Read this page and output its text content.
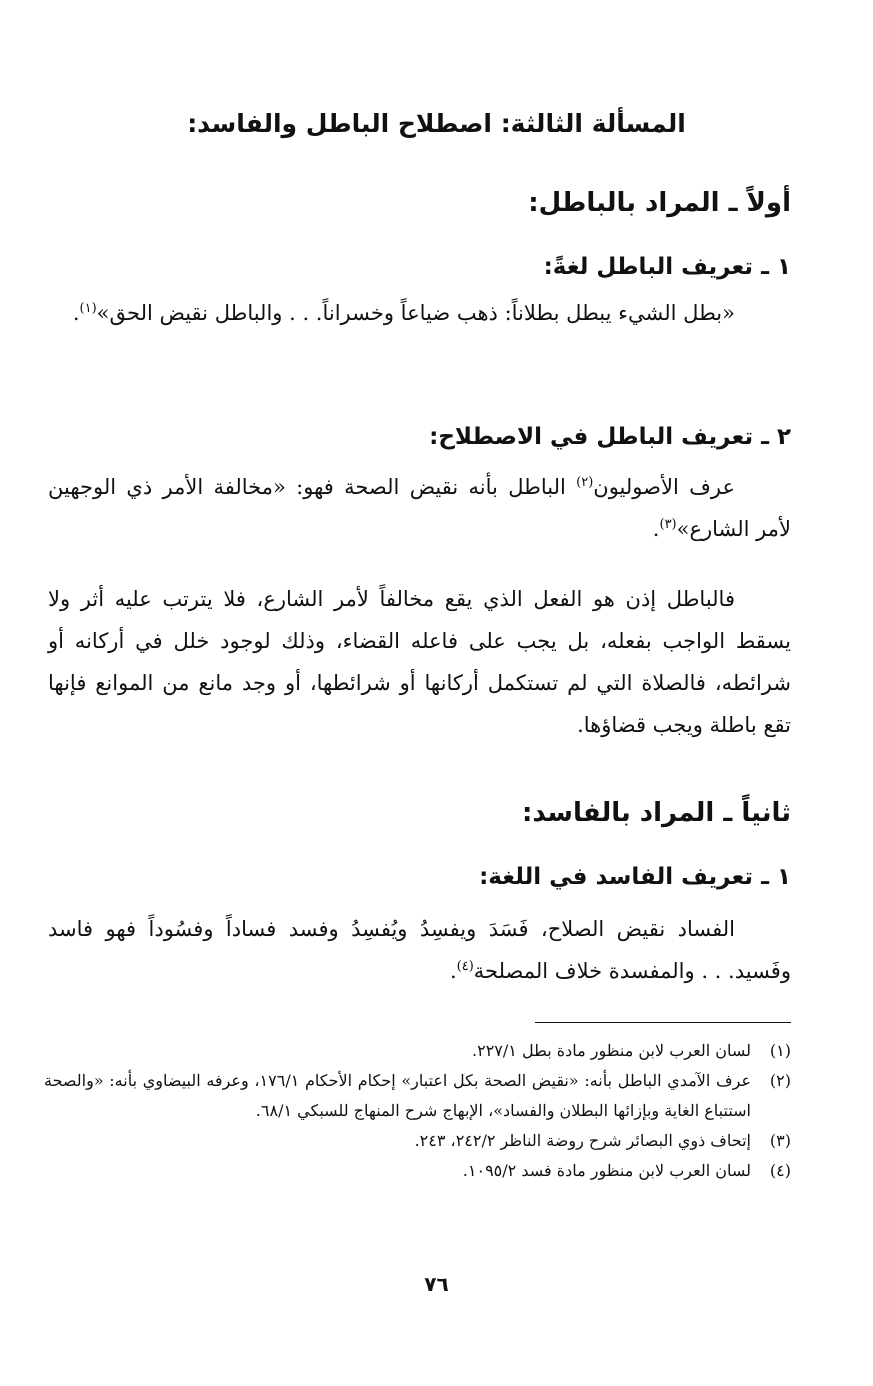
المسألة الثالثة: اصطلاح الباطل والفاسد:
أولاً ـ المراد بالباطل:
١ ـ تعريف الباطل لغةً:

«بطل الشيء يبطل بطلاناً: ذهب ضياعاً وخسراناً. . . والباطل نقيض الحق»$^{(١)}$.

٢ ـ تعريف الباطل في الاصطلاح:

عرف الأصوليون$^{(٢)}$ الباطل بأنه نقيض الصحة فهو: «مخالفة الأمر ذي الوجهين لأمر الشارع»$^{(٣)}$.

فالباطل إذن هو الفعل الذي يقع مخالفاً لأمر الشارع، فلا يترتب عليه أثر ولا يسقط الواجب بفعله، بل يجب على فاعله القضاء، وذلك لوجود خلل في أركانه أو شرائطه، فالصلاة التي لم تستكمل أركانها أو شرائطها، أو وجد مانع من الموانع فإنها تقع باطلة ويجب قضاؤها.

ثانياً ـ المراد بالفاسد:
١ ـ تعريف الفاسد في اللغة:

الفساد نقيض الصلاح، فَسَدَ ويفسِدُ ويُفسِدُ وفسد فساداً وفسُوداً فهو فاسد وفَسيد. . . والمفسدة خلاف المصلحة$^{(٤)}$.

(١)
لسان العرب لابن منظور مادة بطل ٢٢٧/١.
(٢)
عرف الآمدي الباطل بأنه: «نقيض الصحة بكل اعتبار» إحكام الأحكام ١٧٦/١، وعرفه البيضاوي بأنه: «والصحة استتباع الغاية وبإزائها البطلان والفساد»، الإبهاج شرح المنهاج للسبكي ٦٨/١.
(٣)
إتحاف ذوي البصائر شرح روضة الناظر ٢٤٢/٢، ٢٤٣.
(٤)
لسان العرب لابن منظور مادة فسد ١٠٩٥/٢.
٧٦
